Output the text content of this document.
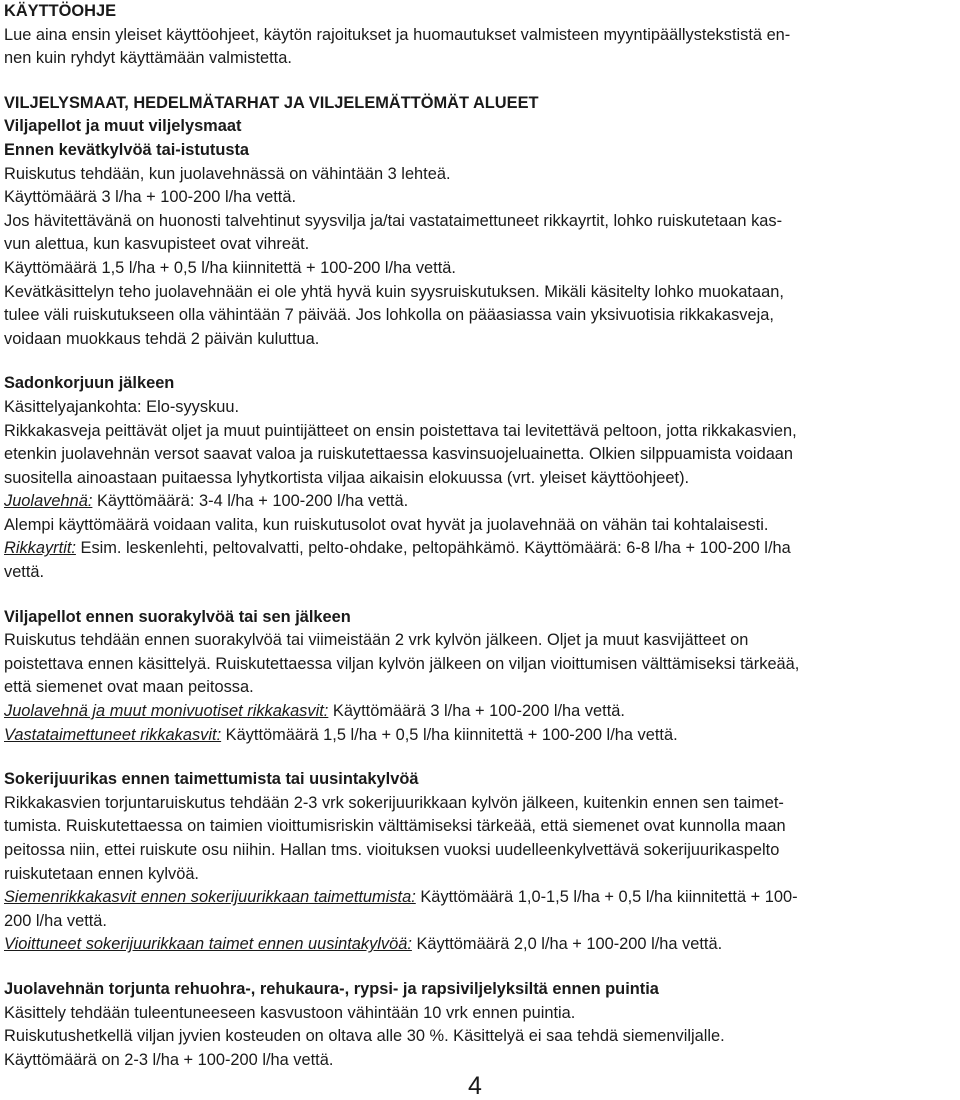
KÄYTTÖOHJE
Lue aina ensin yleiset käyttöohjeet, käytön rajoitukset ja huomautukset valmisteen myyntipäällystekstistä en-
nen kuin ryhdyt käyttämään valmistetta.
VILJELYSMAAT, HEDELMÄTARHAT JA VILJELEMÄTTÖMÄT ALUEET
Viljapellot ja muut viljelysmaat
Ennen kevätkylvöä tai-istutusta
Ruiskutus tehdään, kun juolavehnässä on vähintään 3 lehteä.
Käyttömäärä 3 l/ha + 100-200 l/ha vettä.
Jos hävitettävänä on huonosti talvehtinut syysvilja ja/tai vastataimettuneet rikkayrtit, lohko ruiskutetaan kas-
vun alettua, kun kasvupisteet ovat vihreät.
Käyttömäärä 1,5 l/ha + 0,5 l/ha kiinnitettä + 100-200 l/ha vettä.
Kevätkäsittelyn teho juolavehnään ei ole yhtä hyvä kuin syysruiskutuksen. Mikäli käsitelty lohko muokataan,
tulee väli ruiskutukseen olla vähintään 7 päivää. Jos lohkolla on pääasiassa vain yksivuotisia rikkakasveja,
voidaan muokkaus tehdä 2 päivän kuluttua.
Sadonkorjuun jälkeen
Käsittelyajankohta: Elo-syyskuu.
Rikkakasveja peittävät oljet ja muut puintijätteet on ensin poistettava tai levitettävä peltoon, jotta rikkakasvien,
etenkin juolavehnän versot saavat valoa ja ruiskutettaessa kasvinsuojeluainetta. Olkien silppuamista voidaan
suositella ainoastaan puitaessa lyhytkortista viljaa aikaisin elokuussa (vrt. yleiset käyttöohjeet).
Juolavehnä: Käyttömäärä: 3-4 l/ha + 100-200 l/ha vettä.
Alempi käyttömäärä voidaan valita, kun ruiskutusolot ovat hyvät ja juolavehnää on vähän tai kohtalaisesti.
Rikkayrtit: Esim. leskenlehti, peltovalvatti, pelto-ohdake, peltopähkämö. Käyttömäärä: 6-8 l/ha + 100-200 l/ha
vettä.
Viljapellot ennen suorakylvöä tai sen jälkeen
Ruiskutus tehdään ennen suorakylvöä tai viimeistään 2 vrk kylvön jälkeen. Oljet ja muut kasvijätteet on
poistettava ennen käsittelyä. Ruiskutettaessa viljan kylvön jälkeen on viljan vioittumisen välttämiseksi tärkeää,
että siemenet ovat maan peitossa.
Juolavehnä ja muut monivuotiset rikkakasvit: Käyttömäärä 3 l/ha + 100-200 l/ha vettä.
Vastataimettuneet rikkakasvit: Käyttömäärä 1,5 l/ha + 0,5 l/ha kiinnitettä + 100-200 l/ha vettä.
Sokerijuurikas ennen taimettumista tai uusintakylvöä
Rikkakasvien torjuntaruiskutus tehdään 2-3 vrk sokerijuurikkaan kylvön jälkeen, kuitenkin ennen sen taimet-
tumista. Ruiskutettaessa on taimien vioittumisriskin välttämiseksi tärkeää, että siemenet ovat kunnolla maan
peitossa niin, ettei ruiskute osu niihin. Hallan tms. vioituksen vuoksi uudelleenkylvettävä sokerijuurikaspelto
ruiskutetaan ennen kylvöä.
Siemenrikkakasvit ennen sokerijuurikkaan taimettumista: Käyttömäärä 1,0-1,5 l/ha + 0,5 l/ha kiinnitettä + 100-
200 l/ha vettä.
Vioittuneet sokerijuurikkaan taimet ennen uusintakylvöä: Käyttömäärä 2,0 l/ha + 100-200 l/ha vettä.
Juolavehnän torjunta rehuohra-, rehukaura-, rypsi- ja rapsiviljelyksiltä ennen puintia
Käsittely tehdään tuleentuneeseen kasvustoon vähintään 10 vrk ennen puintia.
Ruiskutushetkellä viljan jyvien kosteuden on oltava alle 30 %. Käsittelyä ei saa tehdä siemenviljalle.
Käyttömäärä on 2-3 l/ha + 100-200 l/ha vettä.
4
